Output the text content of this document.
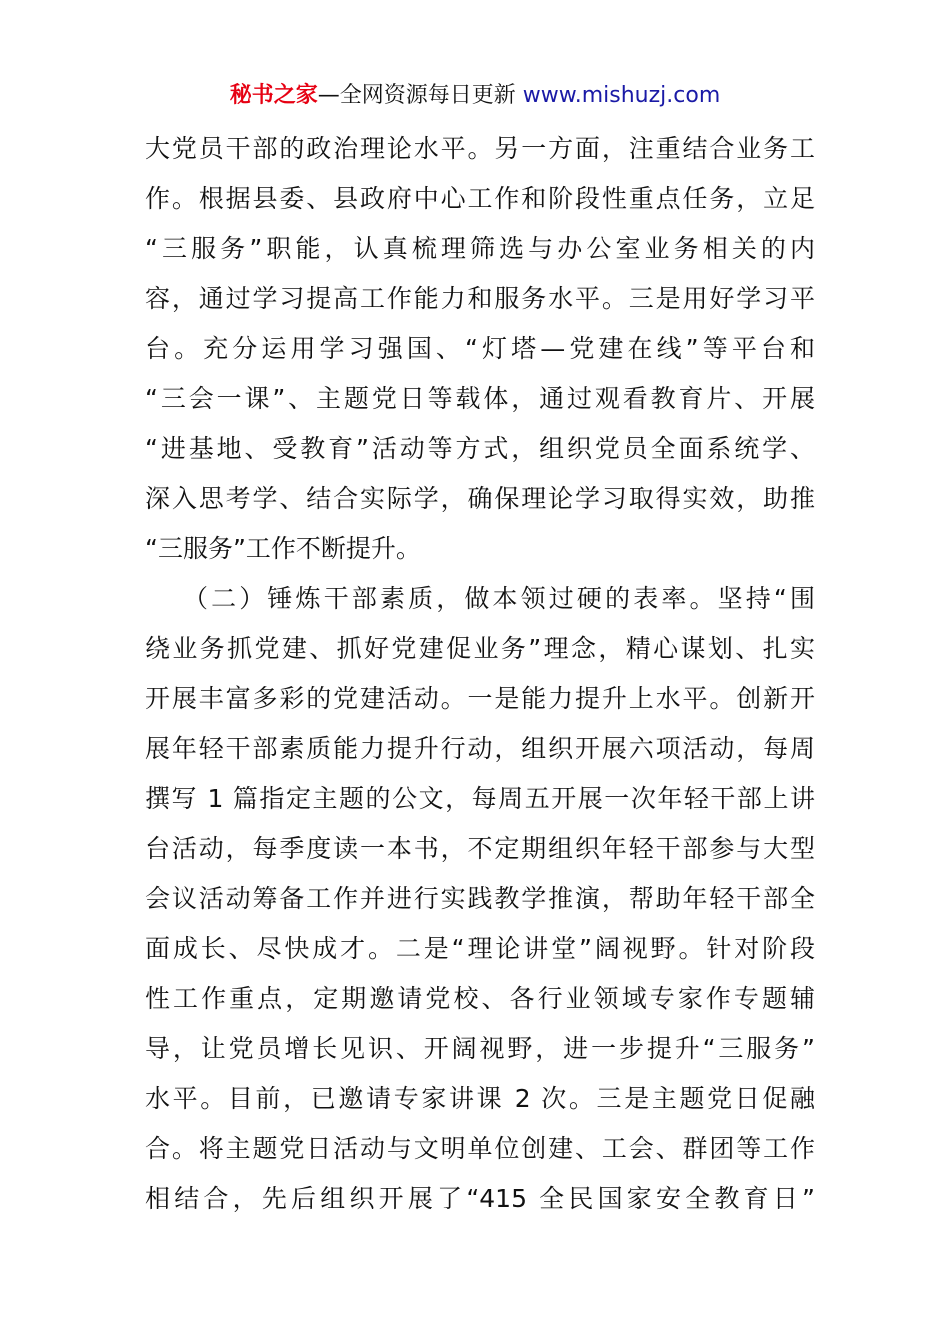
秘书之家—全网资源每日更新 www.mishuzj.com
大党员干部的政治理论水平。另一方面，注重结合业务工
作。根据县委、县政府中心工作和阶段性重点任务，立足
“三服务”职能，认真梳理筛选与办公室业务相关的内
容，通过学习提高工作能力和服务水平。三是用好学习平
台。充分运用学习强国、“灯塔—党建在线”等平台和
“三会一课”、主题党日等载体，通过观看教育片、开展
“进基地、受教育”活动等方式，组织党员全面系统学、
深入思考学、结合实际学，确保理论学习取得实效，助推
“三服务”工作不断提升。
（二）锤炼干部素质，做本领过硬的表率。坚持“围
绕业务抓党建、抓好党建促业务”理念，精心谋划、扎实
开展丰富多彩的党建活动。一是能力提升上水平。创新开
展年轻干部素质能力提升行动，组织开展六项活动，每周
撰写 1 篇指定主题的公文，每周五开展一次年轻干部上讲
台活动，每季度读一本书，不定期组织年轻干部参与大型
会议活动筹备工作并进行实践教学推演，帮助年轻干部全
面成长、尽快成才。二是“理论讲堂”阔视野。针对阶段
性工作重点，定期邀请党校、各行业领域专家作专题辅
导，让党员增长见识、开阔视野，进一步提升“三服务”
水平。目前，已邀请专家讲课 2 次。三是主题党日促融
合。将主题党日活动与文明单位创建、工会、群团等工作
相结合，先后组织开展了“415 全民国家安全教育日”
